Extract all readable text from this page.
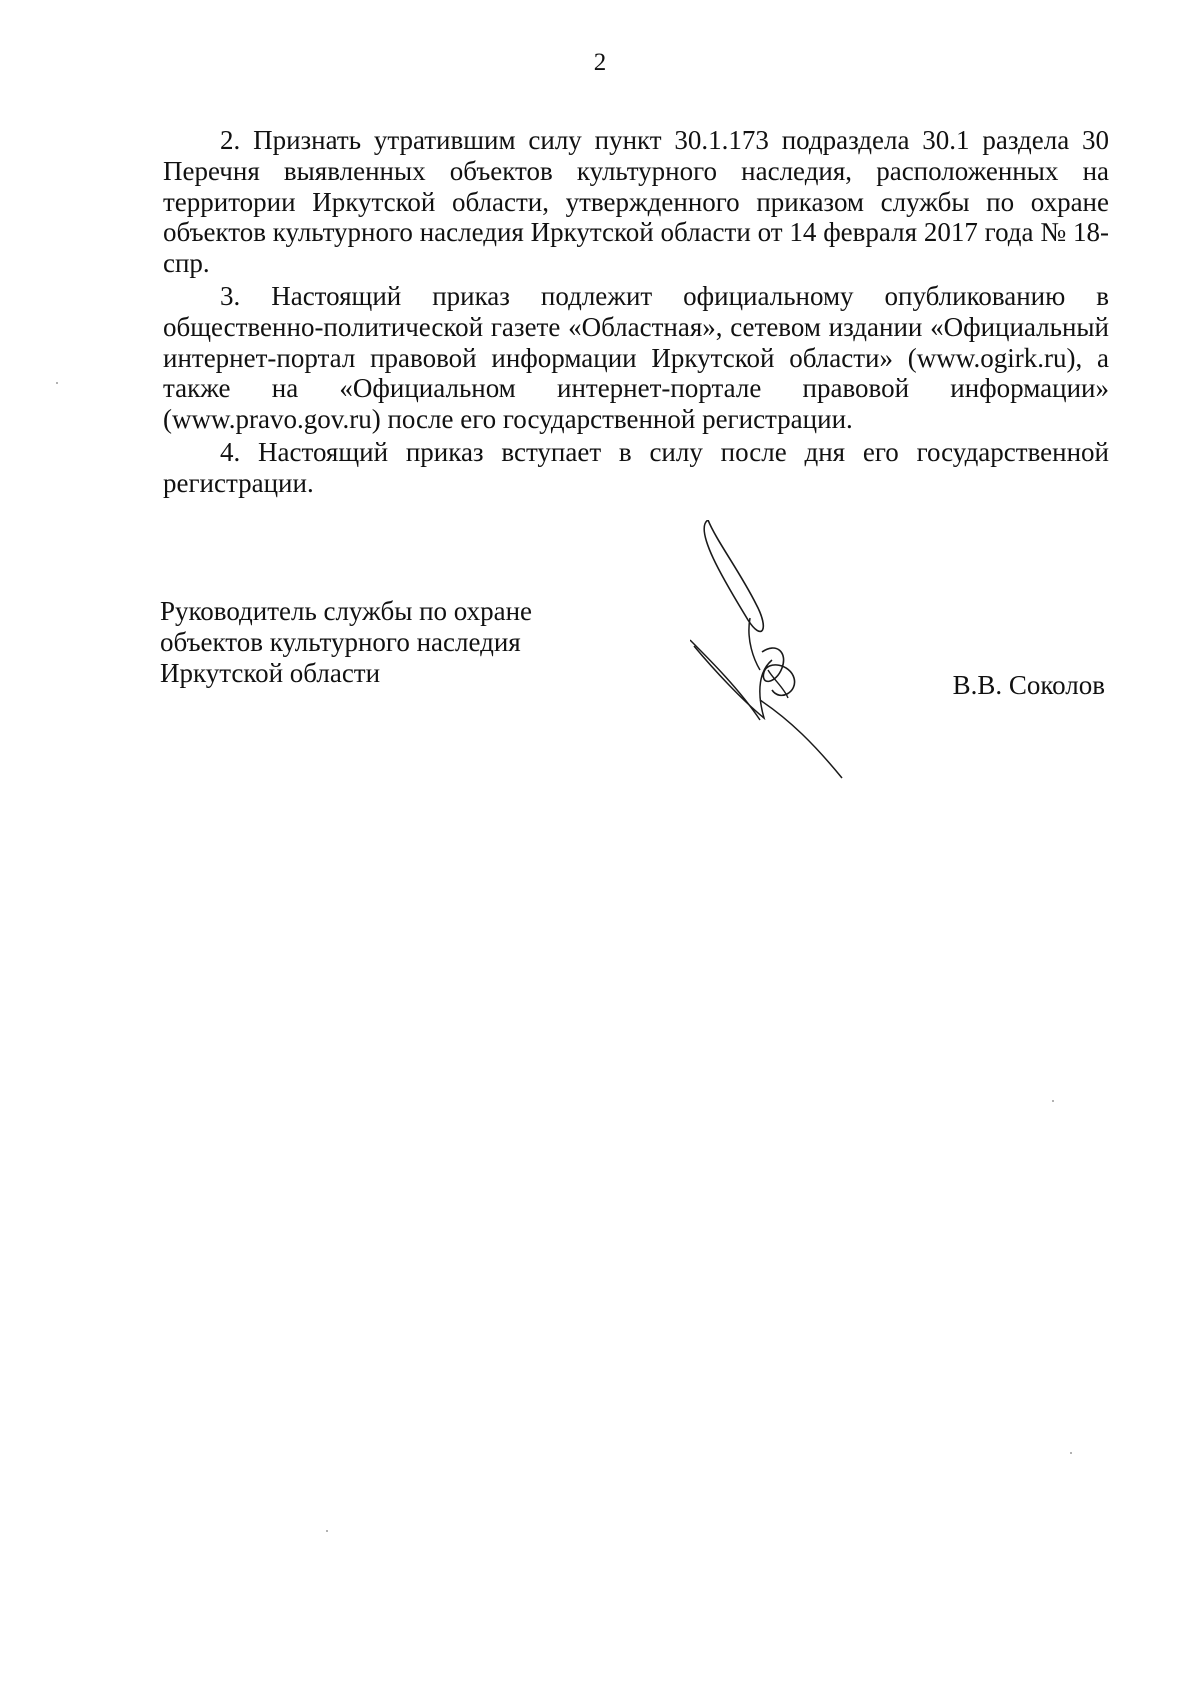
2

2. Признать утратившим силу пункт 30.1.173 подраздела 30.1 раздела 30 Перечня выявленных объектов культурного наследия, расположенных на территории Иркутской области, утвержденного приказом службы по охране объектов культурного наследия Иркутской области от 14 февраля 2017 года № 18-спр.

3. Настоящий приказ подлежит официальному опубликованию в общественно-политической газете «Областная», сетевом издании «Официальный интернет-портал правовой информации Иркутской области» (www.ogirk.ru), а также на «Официальном интернет-портале правовой информации» (www.pravo.gov.ru) после его государственной регистрации.

4. Настоящий приказ вступает в силу после дня его государственной регистрации.

Руководитель службы по охране
объектов культурного наследия
Иркутской области	В.В. Соколов
